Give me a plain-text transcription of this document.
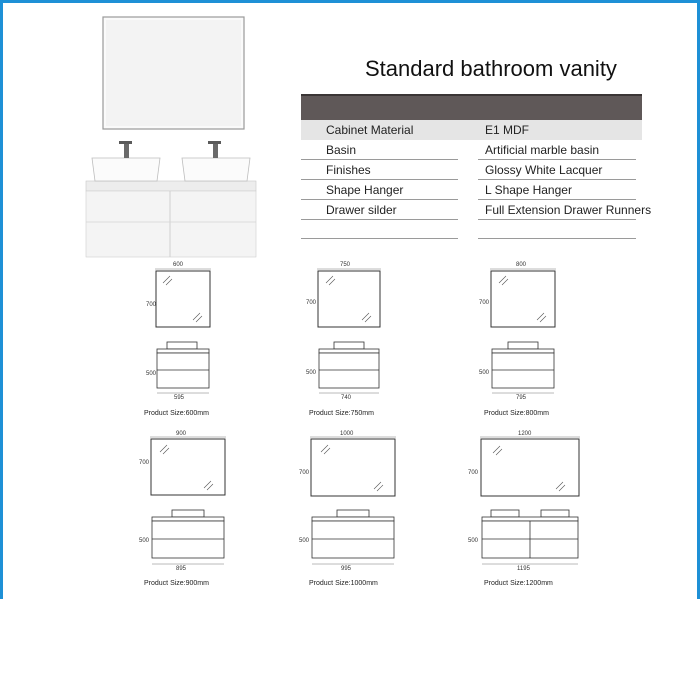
Standard bathroom vanity
Cabinet Material	E1 MDF
Basin	Artificial marble basin
Finishes	Glossy White Lacquer
Shape Hanger	L Shape Hanger
Drawer silder	Full Extension Drawer Runners
600
700
500
595
Product Size:600mm
750
700
500
740
Product Size:750mm
800
700
500
795
Product Size:800mm
900
700
500
895
Product Size:900mm
1000
700
500
995
Product Size:1000mm
1200
700
500
1195
Product Size:1200mm
